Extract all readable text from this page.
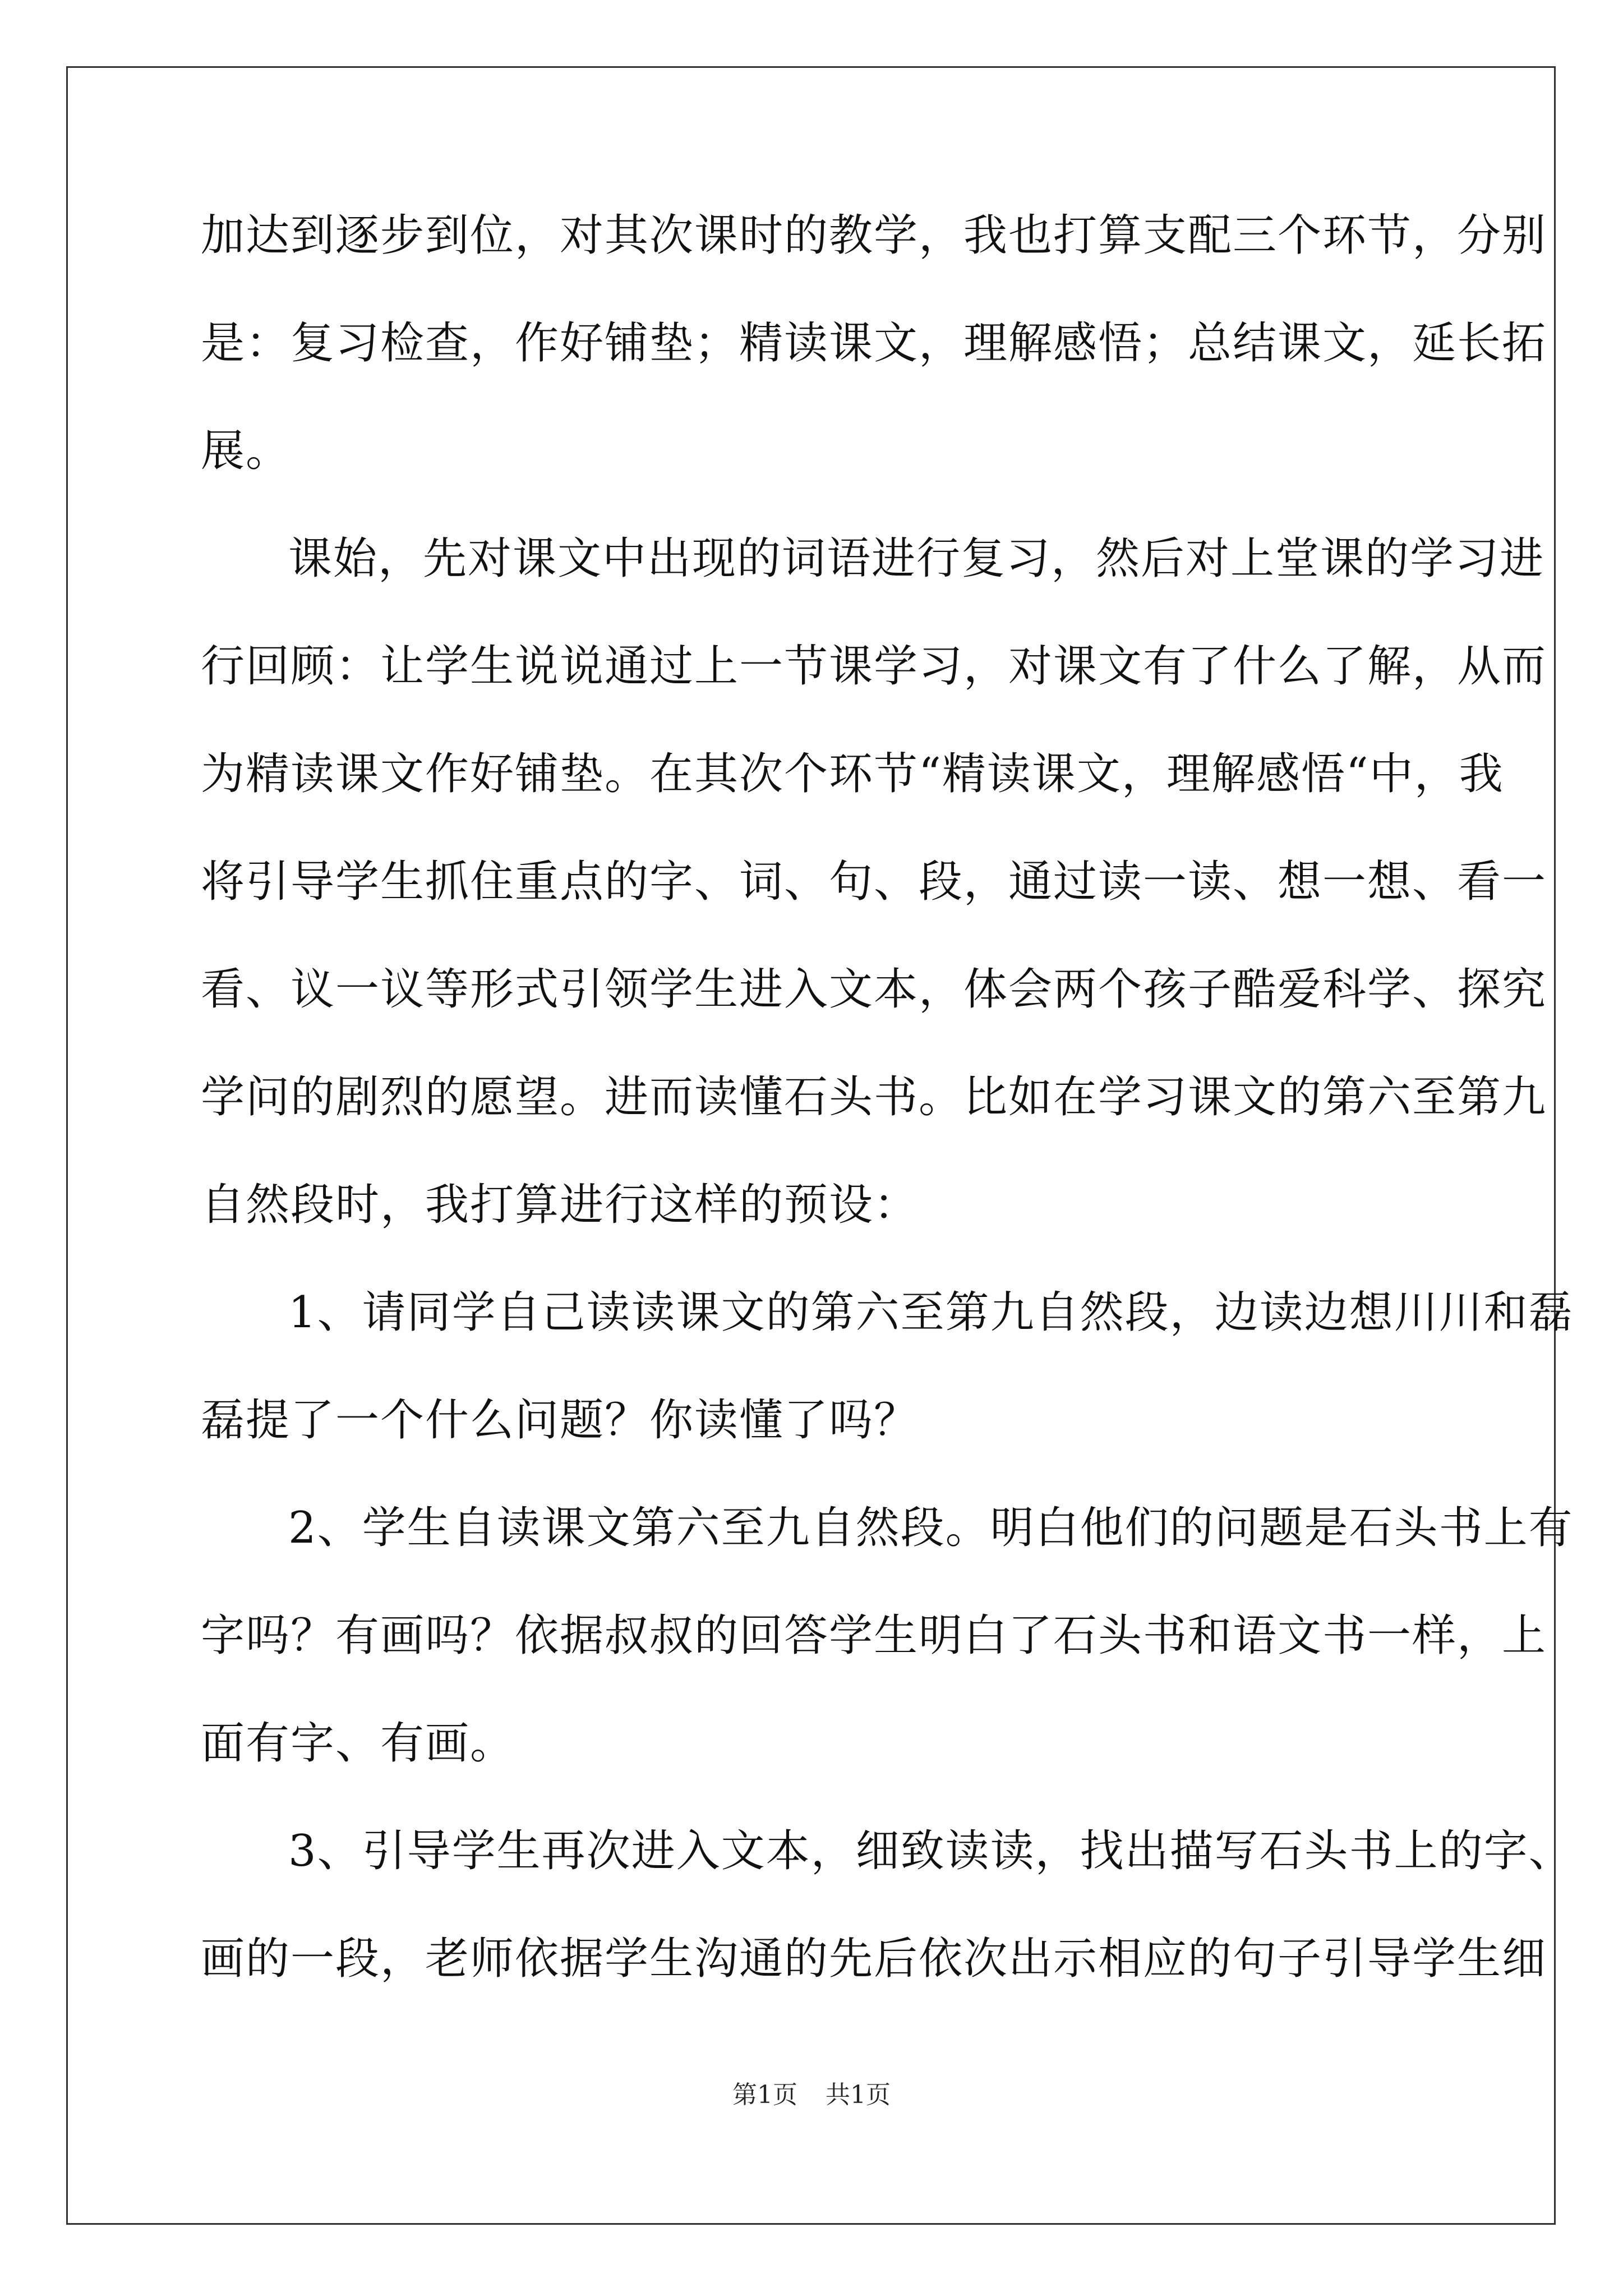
加达到逐步到位，对其次课时的教学，我也打算支配三个环节，分别
是：复习检查，作好铺垫；精读课文，理解感悟；总结课文，延长拓
展。
课始，先对课文中出现的词语进行复习，然后对上堂课的学习进
行回顾：让学生说说通过上一节课学习，对课文有了什么了解，从而
为精读课文作好铺垫。在其次个环节“精读课文，理解感悟“中，我
将引导学生抓住重点的字、词、句、段，通过读一读、想一想、看一
看、议一议等形式引领学生进入文本，体会两个孩子酷爱科学、探究
学问的剧烈的愿望。进而读懂石头书。比如在学习课文的第六至第九
自然段时，我打算进行这样的预设：
1、请同学自己读读课文的第六至第九自然段，边读边想川川和磊
磊提了一个什么问题？你读懂了吗？
2、学生自读课文第六至九自然段。明白他们的问题是石头书上有
字吗？有画吗？依据叔叔的回答学生明白了石头书和语文书一样，上
面有字、有画。
3、引导学生再次进入文本，细致读读，找出描写石头书上的字、
画的一段，老师依据学生沟通的先后依次出示相应的句子引导学生细
第1页 共1页
